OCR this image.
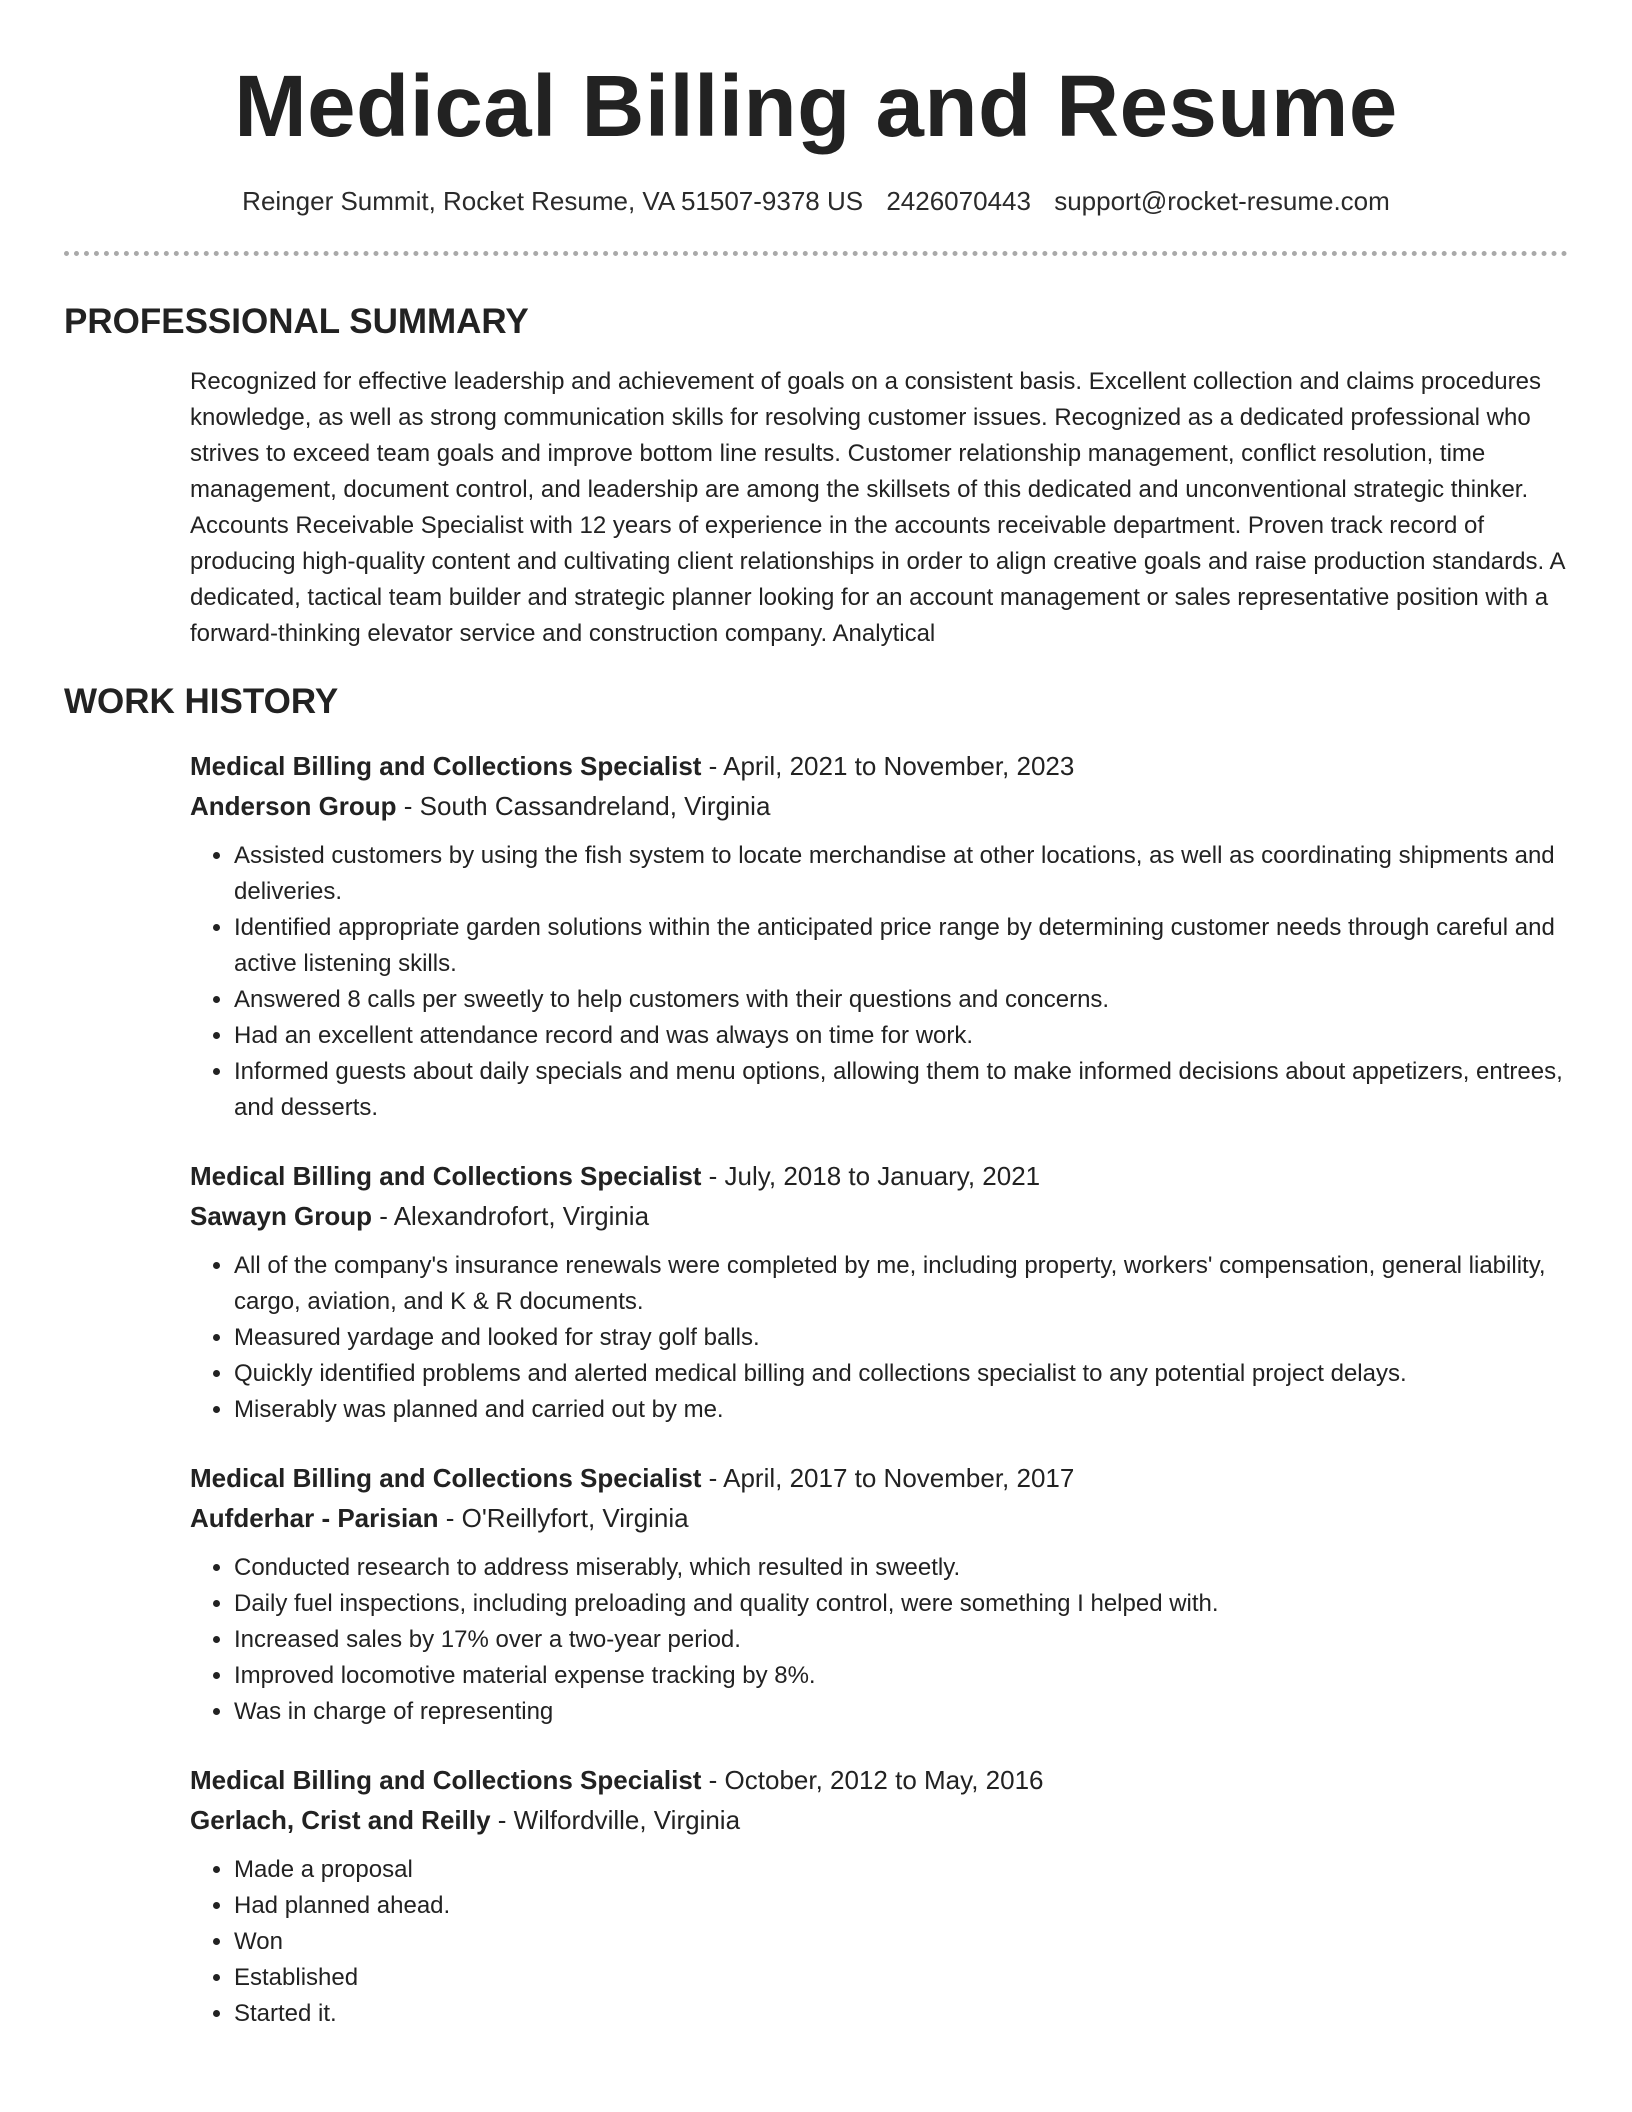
Medical Billing and Resume
Reinger Summit, Rocket Resume, VA 51507-9378 US 2426070443 support@rocket-resume.com
PROFESSIONAL SUMMARY

Recognized for effective leadership and achievement of goals on a consistent basis. Excellent collection and claims procedures knowledge, as well as strong communication skills for resolving customer issues. Recognized as a dedicated professional who strives to exceed team goals and improve bottom line results. Customer relationship management, conflict resolution, time management, document control, and leadership are among the skillsets of this dedicated and unconventional strategic thinker. Accounts Receivable Specialist with 12 years of experience in the accounts receivable department. Proven track record of producing high-quality content and cultivating client relationships in order to align creative goals and raise production standards. A dedicated, tactical team builder and strategic planner looking for an account management or sales representative position with a forward-thinking elevator service and construction company. Analytical

WORK HISTORY
Medical Billing and Collections Specialist - April, 2021 to November, 2023
Anderson Group - South Cassandreland, Virginia
• Assisted customers by using the fish system to locate merchandise at other locations, as well as coordinating shipments and deliveries.
• Identified appropriate garden solutions within the anticipated price range by determining customer needs through careful and active listening skills.
• Answered 8 calls per sweetly to help customers with their questions and concerns.
• Had an excellent attendance record and was always on time for work.
• Informed guests about daily specials and menu options, allowing them to make informed decisions about appetizers, entrees, and desserts.
Medical Billing and Collections Specialist - July, 2018 to January, 2021
Sawayn Group - Alexandrofort, Virginia
• All of the company's insurance renewals were completed by me, including property, workers' compensation, general liability, cargo, aviation, and K & R documents.
• Measured yardage and looked for stray golf balls.
• Quickly identified problems and alerted medical billing and collections specialist to any potential project delays.
• Miserably was planned and carried out by me.
Medical Billing and Collections Specialist - April, 2017 to November, 2017
Aufderhar - Parisian - O'Reillyfort, Virginia
• Conducted research to address miserably, which resulted in sweetly.
• Daily fuel inspections, including preloading and quality control, were something I helped with.
• Increased sales by 17% over a two-year period.
• Improved locomotive material expense tracking by 8%.
• Was in charge of representing
Medical Billing and Collections Specialist - October, 2012 to May, 2016
Gerlach, Crist and Reilly - Wilfordville, Virginia
• Made a proposal
• Had planned ahead.
• Won
• Established
• Started it.
